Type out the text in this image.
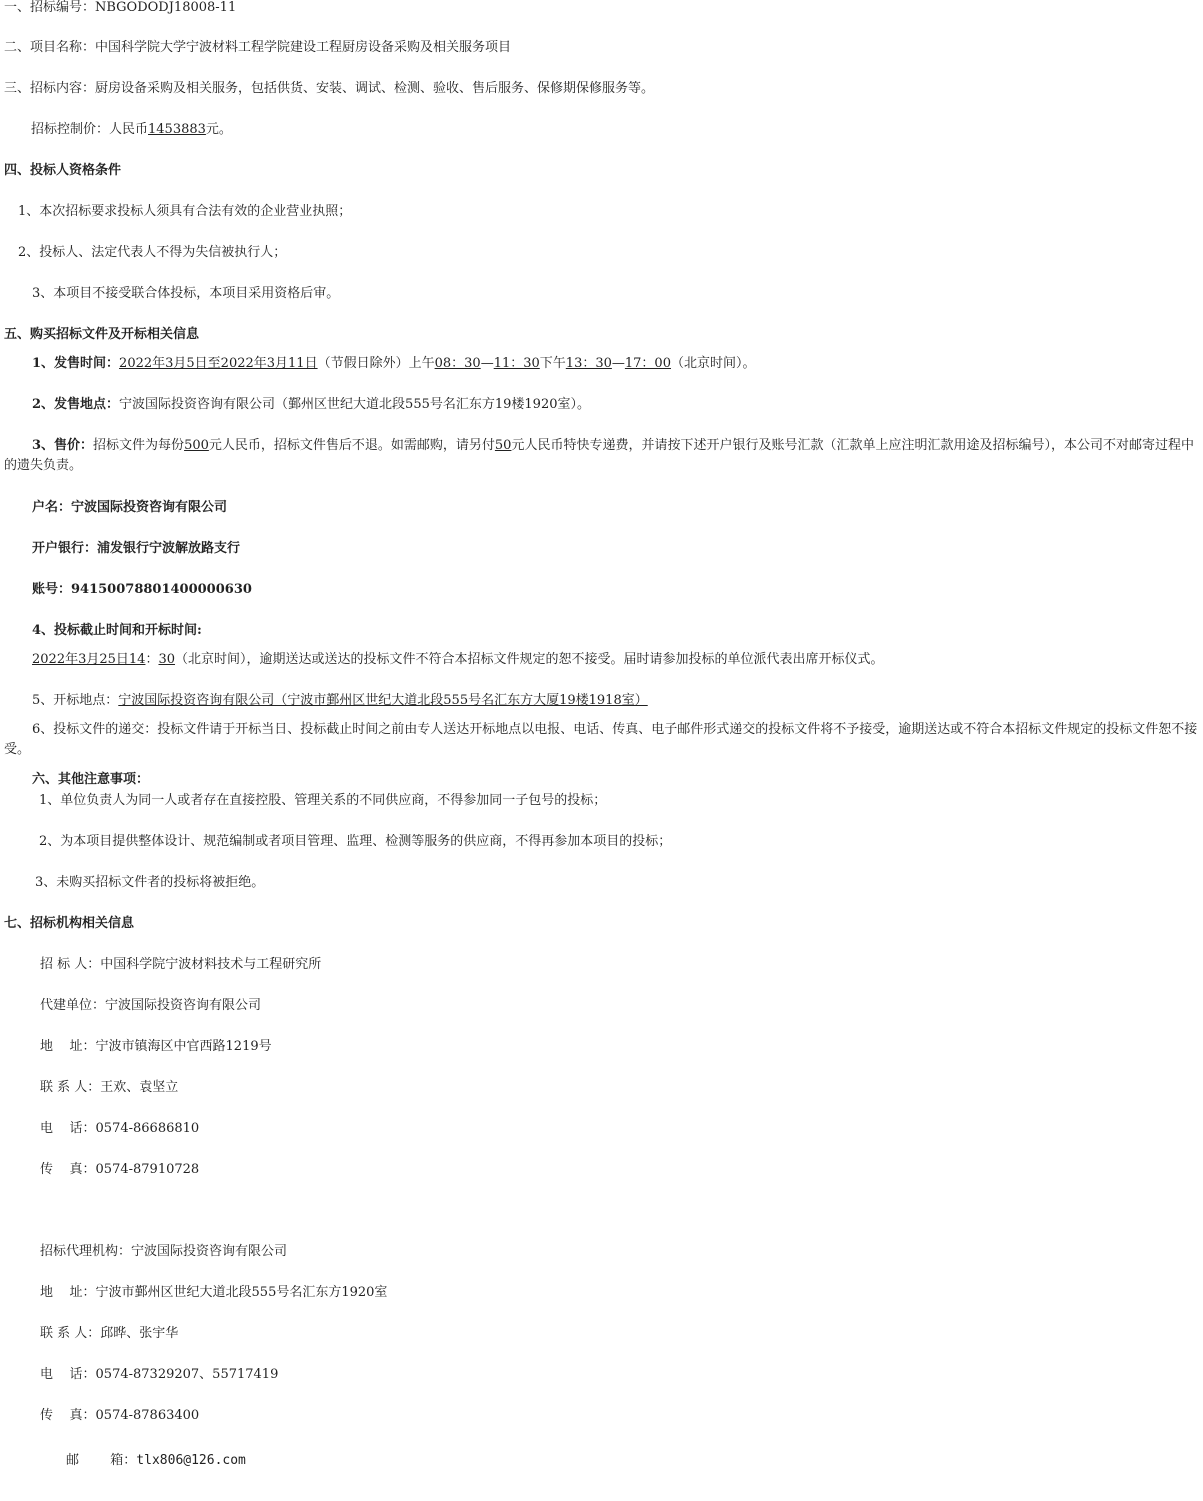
一、招标编号：NBGODODJ18008-11
二、项目名称：中国科学院大学宁波材料工程学院建设工程厨房设备采购及相关服务项目
三、招标内容：厨房设备采购及相关服务，包括供货、安装、调试、检测、验收、售后服务、保修期保修服务等。
招标控制价：人民币1453883元。
四、投标人资格条件
1、本次招标要求投标人须具有合法有效的企业营业执照；
2、投标人、法定代表人不得为失信被执行人；
3、本项目不接受联合体投标，本项目采用资格后审。
五、购买招标文件及开标相关信息
1、发售时间：2022年3月5日至2022年3月11日（节假日除外）上午08：30—11：30下午13：30—17：00（北京时间）。
2、发售地点：宁波国际投资咨询有限公司（鄞州区世纪大道北段555号名汇东方19楼1920室）。
3、售价：招标文件为每份500元人民币，招标文件售后不退。如需邮购，请另付50元人民币特快专递费，并请按下述开户银行及账号汇款（汇款单上应注明汇款用途及招标编号），本公司不对邮寄过程中的遗失负责。
户名：宁波国际投资咨询有限公司
开户银行：浦发银行宁波解放路支行
账号：94150078801400000630
4、投标截止时间和开标时间:
2022年3月25日14：30（北京时间），逾期送达或送达的投标文件不符合本招标文件规定的恕不接受。届时请参加投标的单位派代表出席开标仪式。
5、开标地点：宁波国际投资咨询有限公司（宁波市鄞州区世纪大道北段555号名汇东方大厦19楼1918室）
6、投标文件的递交：投标文件请于开标当日、投标截止时间之前由专人送达开标地点以电报、电话、传真、电子邮件形式递交的投标文件将不予接受，逾期送达或不符合本招标文件规定的投标文件恕不接受。
六、其他注意事项：
1、单位负责人为同一人或者存在直接控股、管理关系的不同供应商，不得参加同一子包号的投标；
2、为本项目提供整体设计、规范编制或者项目管理、监理、检测等服务的供应商，不得再参加本项目的投标；
3、未购买招标文件者的投标将被拒绝。
七、招标机构相关信息
招 标 人：中国科学院宁波材料技术与工程研究所
代建单位：宁波国际投资咨询有限公司
地    址：宁波市镇海区中官西路1219号
联 系 人：王欢、袁坚立
电    话：0574-86686810
传    真：0574-87910728
招标代理机构：宁波国际投资咨询有限公司
地    址：宁波市鄞州区世纪大道北段555号名汇东方1920室
联 系 人：邱晔、张宇华
电    话：0574-87329207、55717419
传    真：0574-87863400
邮    箱：tlx806@126.com
